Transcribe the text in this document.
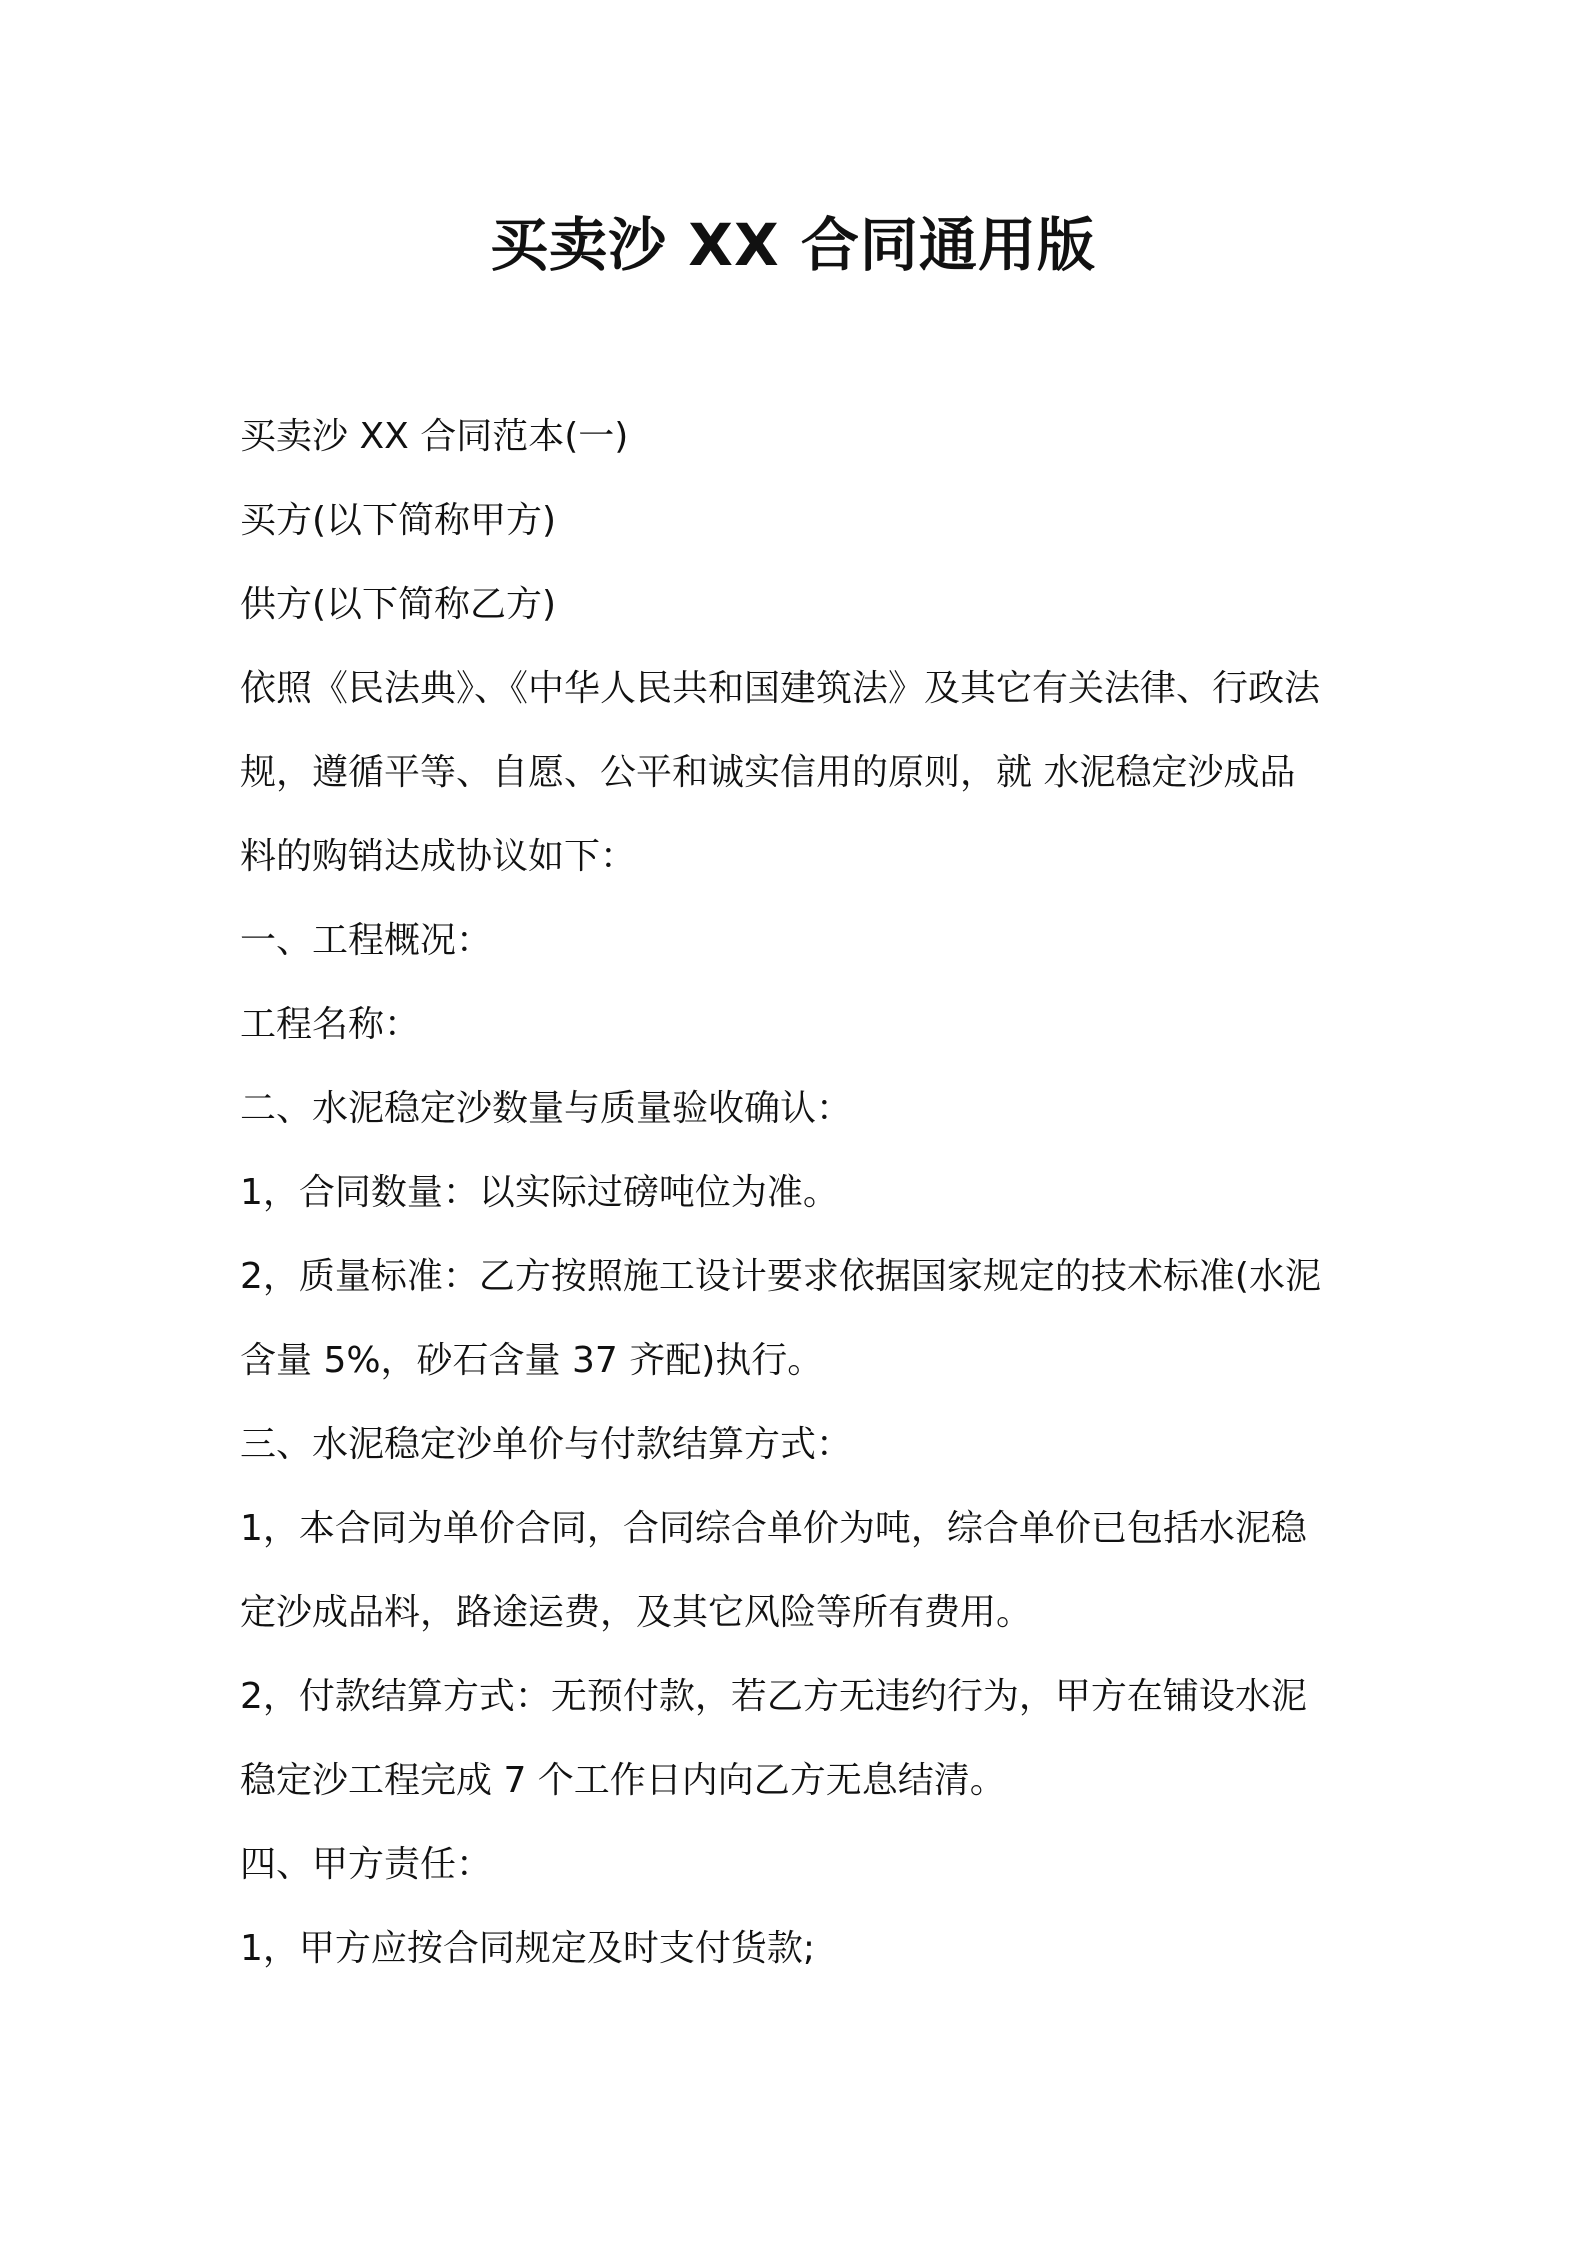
买卖沙 XX 合同通用版

买卖沙 XX 合同范本(一)

买方(以下简称甲方)

供方(以下简称乙方)

依照《民法典》、《中华人民共和国建筑法》及其它有关法律、行政法

规，遵循平等、自愿、公平和诚实信用的原则，就 水泥稳定沙成品

料的购销达成协议如下：

一、工程概况：

工程名称：

二、水泥稳定沙数量与质量验收确认：

1，合同数量：以实际过磅吨位为准。

2，质量标准：乙方按照施工设计要求依据国家规定的技术标准(水泥

含量 5%，砂石含量 37 齐配)执行。

三、水泥稳定沙单价与付款结算方式：

1，本合同为单价合同，合同综合单价为吨，综合单价已包括水泥稳

定沙成品料，路途运费，及其它风险等所有费用。

2，付款结算方式：无预付款，若乙方无违约行为，甲方在铺设水泥

稳定沙工程完成 7 个工作日内向乙方无息结清。

四、甲方责任：

1，甲方应按合同规定及时支付货款;
